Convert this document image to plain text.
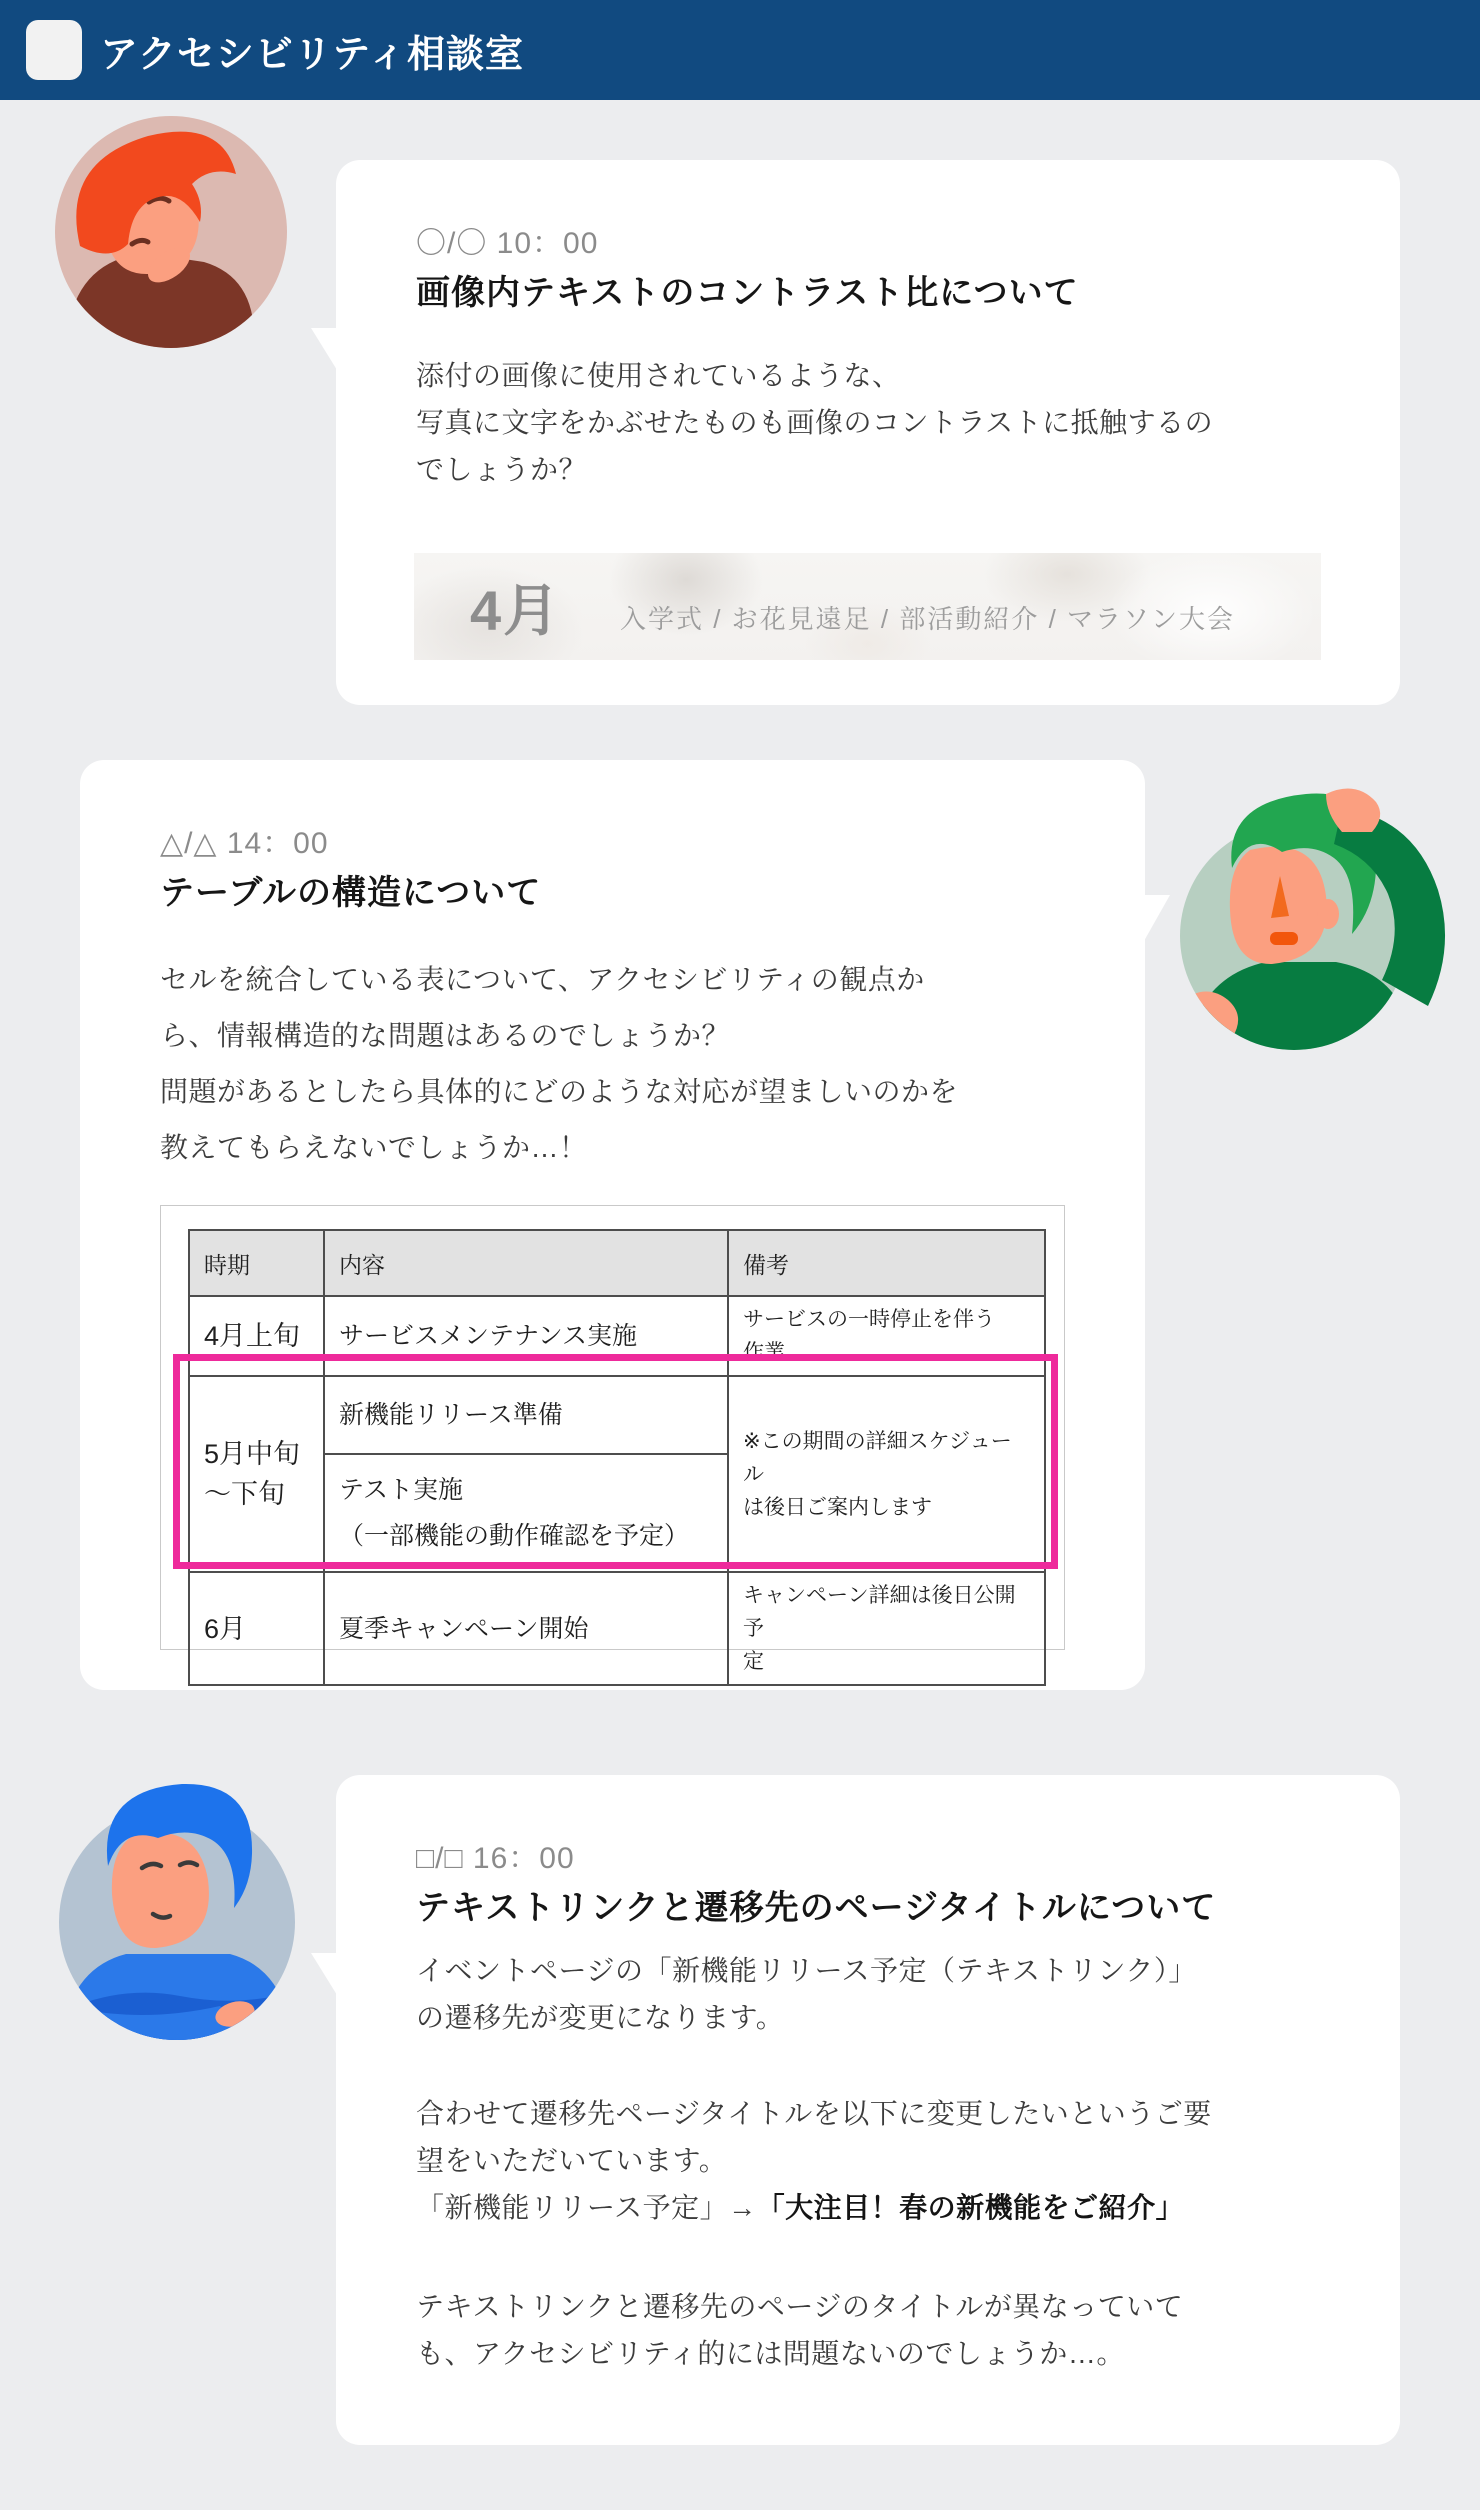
アクセシビリティ相談室
〇/〇 10：00
画像内テキストのコントラスト比について

添付の画像に使用されているような、
写真に文字をかぶせたものも画像のコントラストに抵触するの
でしょうか？

4月 入学式 / お花見遠足 / 部活動紹介 / マラソン大会
△/△ 14：00
テーブルの構造について

セルを統合している表について、アクセシビリティの観点か
ら、情報構造的な問題はあるのでしょうか？
問題があるとしたら具体的にどのような対応が望ましいのかを
教えてもらえないでしょうか…！

時期	内容	備考
4月上旬	サービスメンテナンス実施	サービスの一時停止を伴う
作業
5月中旬
〜下旬	新機能リリース準備	※この期間の詳細スケジュール
は後日ご案内します
	テスト実施
（一部機能の動作確認を予定）	
6月	夏季キャンペーン開始	キャンペーン詳細は後日公開予
定
□/□ 16：00
テキストリンクと遷移先のページタイトルについて

イベントページの「新機能リリース予定（テキストリンク）」
の遷移先が変更になります。

合わせて遷移先ページタイトルを以下に変更したいというご要
望をいただいています。
「新機能リリース予定」→「大注目！春の新機能をご紹介」

テキストリンクと遷移先のページのタイトルが異なっていて
も、アクセシビリティ的には問題ないのでしょうか…。
